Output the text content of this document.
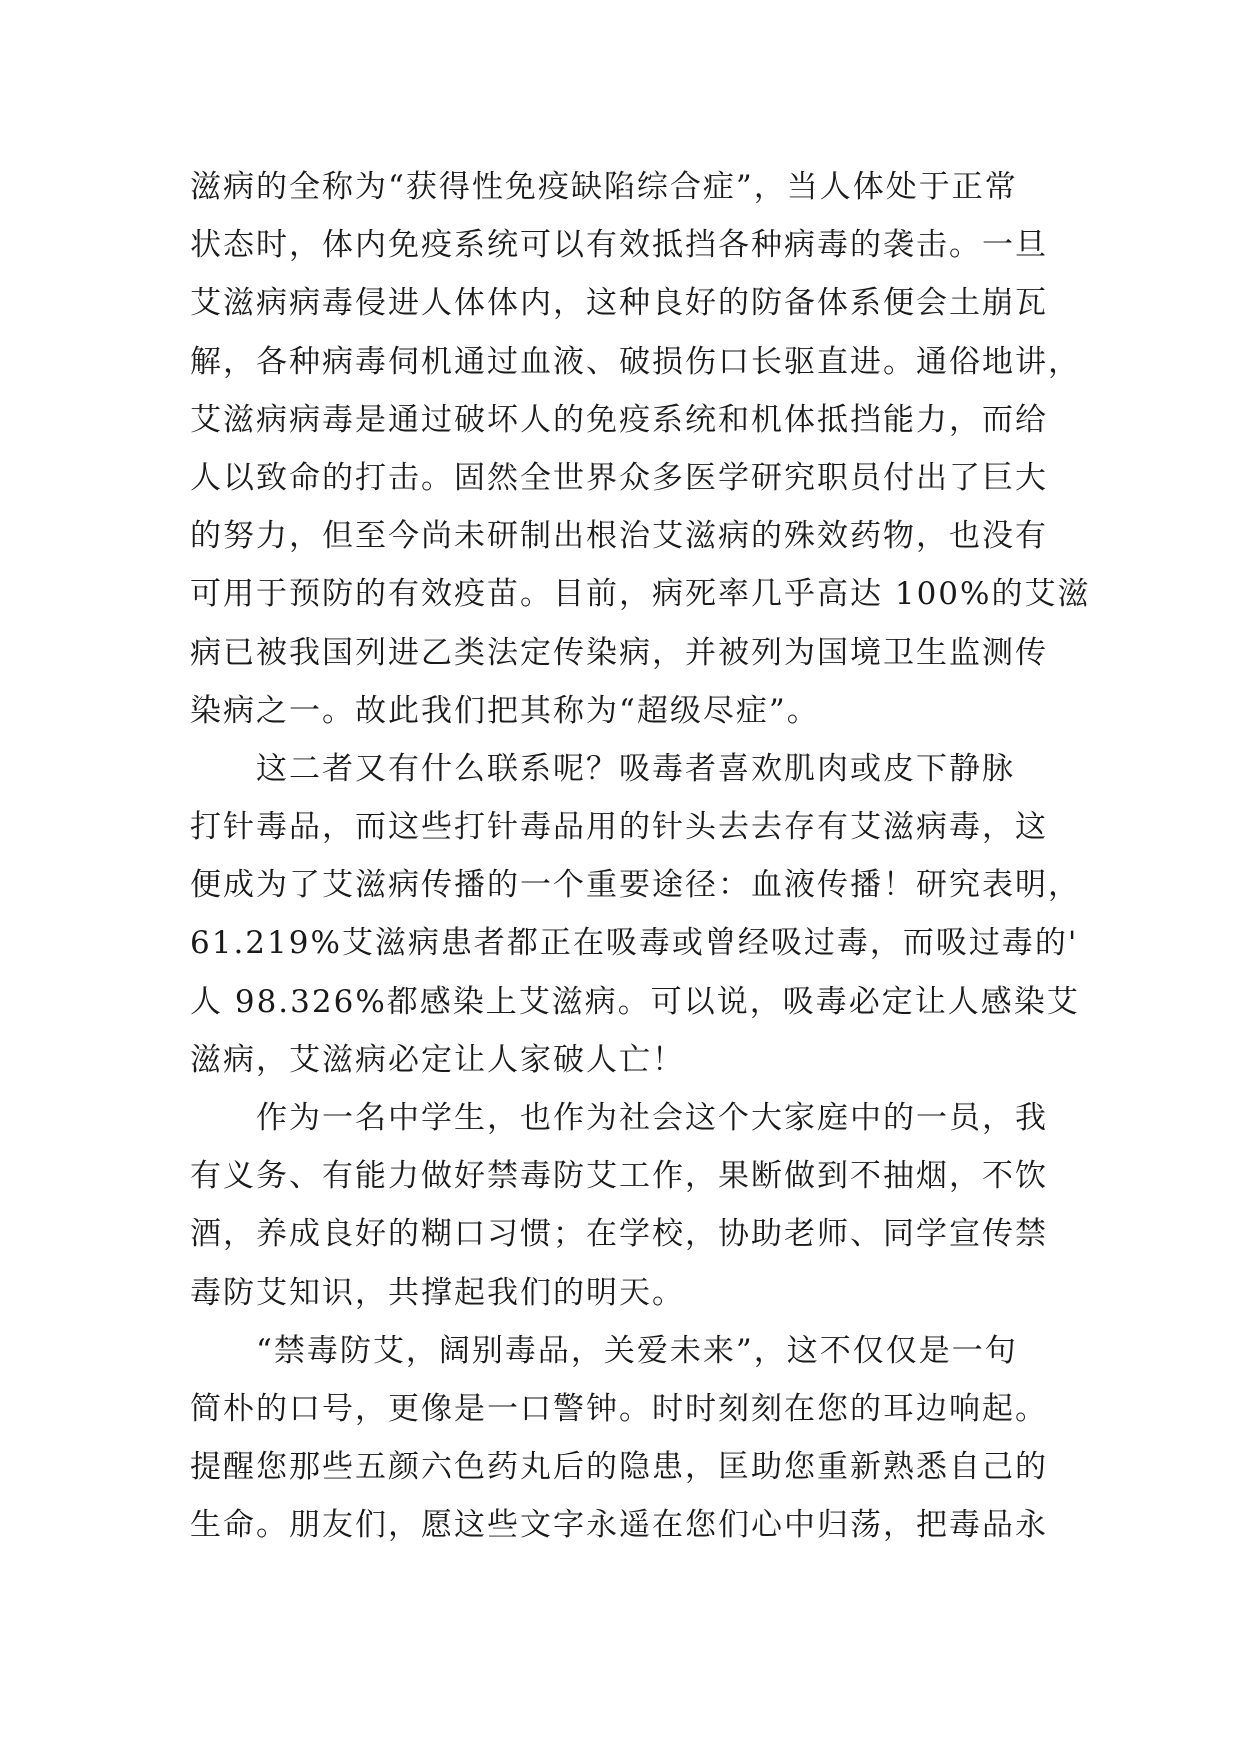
滋病的全称为“获得性免疫缺陷综合症”，当人体处于正常
状态时，体内免疫系统可以有效抵挡各种病毒的袭击。一旦
艾滋病病毒侵进人体体内，这种良好的防备体系便会土崩瓦
解，各种病毒伺机通过血液、破损伤口长驱直进。通俗地讲，
艾滋病病毒是通过破坏人的免疫系统和机体抵挡能力，而给
人以致命的打击。固然全世界众多医学研究职员付出了巨大
的努力，但至今尚未研制出根治艾滋病的殊效药物，也没有
可用于预防的有效疫苗。目前，病死率几乎高达 100%的艾滋
病已被我国列进乙类法定传染病，并被列为国境卫生监测传
染病之一。故此我们把其称为“超级尽症”。
这二者又有什么联系呢？吸毒者喜欢肌肉或皮下静脉
打针毒品，而这些打针毒品用的针头去去存有艾滋病毒，这
便成为了艾滋病传播的一个重要途径：血液传播！研究表明，
61.219%艾滋病患者都正在吸毒或曾经吸过毒，而吸过毒的'
人 98.326%都感染上艾滋病。可以说，吸毒必定让人感染艾
滋病，艾滋病必定让人家破人亡！
作为一名中学生，也作为社会这个大家庭中的一员，我
有义务、有能力做好禁毒防艾工作，果断做到不抽烟，不饮
酒，养成良好的糊口习惯；在学校，协助老师、同学宣传禁
毒防艾知识，共撑起我们的明天。
“禁毒防艾，阔别毒品，关爱未来”，这不仅仅是一句
简朴的口号，更像是一口警钟。时时刻刻在您的耳边响起。
提醒您那些五颜六色药丸后的隐患，匡助您重新熟悉自己的
生命。朋友们，愿这些文字永遥在您们心中归荡，把毒品永
